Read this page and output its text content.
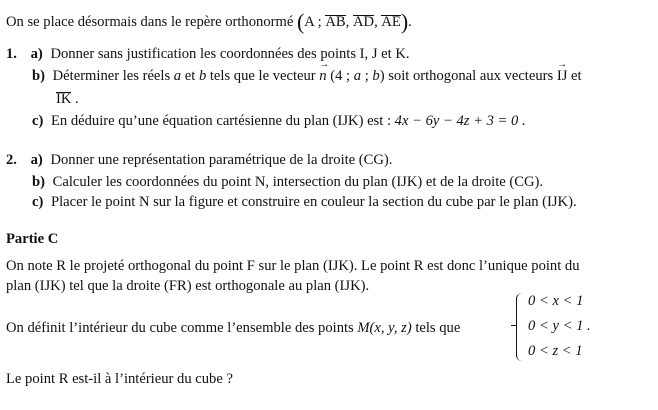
On se place désormais dans le repère orthonormé (A ; AB, AD, AE).
1. a) Donner sans justification les coordonnées des points I, J et K.
b) Déterminer les réels a et b tels que le vecteur → n (4 ; a ; b) soit orthogonal aux vecteurs → IJ et
IK .
c) En déduire qu’une équation cartésienne du plan (IJK) est : 4x − 6y − 4z + 3 = 0 .
2. a) Donner une représentation paramétrique de la droite (CG).
b) Calculer les coordonnées du point N, intersection du plan (IJK) et de la droite (CG).
c) Placer le point N sur la figure et construire en couleur la section du cube par le plan (IJK).
Partie C
On note R le projeté orthogonal du point F sur le plan (IJK). Le point R est donc l’unique point du
plan (IJK) tel que la droite (FR) est orthogonale au plan (IJK).
On définit l’intérieur du cube comme l’ensemble des points M(x, y, z) tels que
0 < x < 1
0 < y < 1 .
0 < z < 1
Le point R est-il à l’intérieur du cube ?
